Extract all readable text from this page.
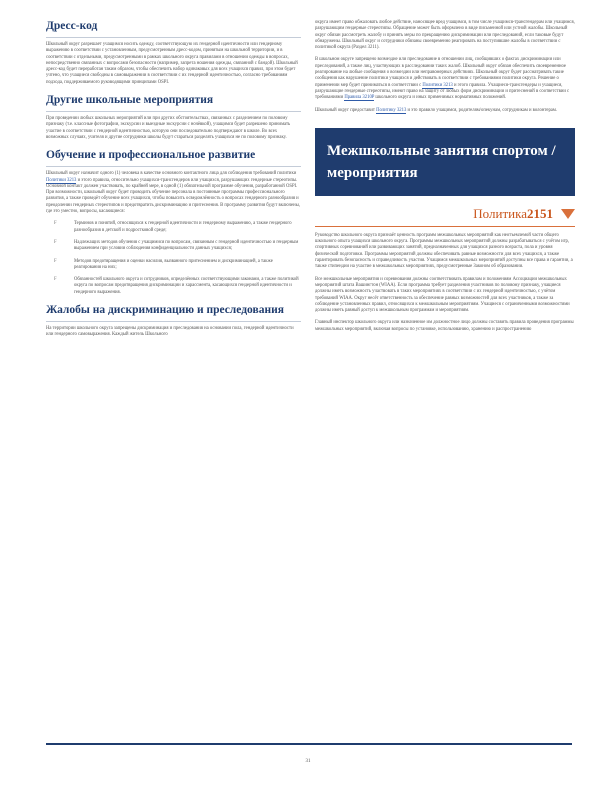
Дресс-код

Школьный округ разрешает учащимся носить одежду, соответствующую их гендерной идентичности или гендерному выражению в соответствии с установленным, предусмотренным дресс-кодом, принятым на школьной территории, и в соответствии с отдельными, предусмотренными в рамках школьного округа правилами в отношении одежды в вопросах, непосредственно связанных с вопросами безопасности (например, запрета ношения одежды, связанной с бандой). Школьный дресс-код будет переработан таким образом, чтобы обеспечить набор одинаковых для всех учащихся правил, при этом будет учтено, что учащиеся свободны в самовыражении в соответствии с их гендерной идентичностью, согласно требованиям подхода, поддерживаемого руководящими принципами OSPI.

Другие школьные мероприятия

При проведении любых школьных мероприятий или при других обстоятельствах, связанных с разделением по половому признаку (т.е. классные фотографии, экскурсии и выездные экскурсии с ночёвкой), учащимся будет разрешено принимать участие в соответствии с гендерной идентичностью, которую они последовательно подтверждают в школе. Во всех возможных случаях, учителя и другие сотрудники школы будут стараться разделять учащихся не по половому признаку.

Обучение и профессиональное развитие

Школьный округ назначит одного (1) человека в качестве основного контактного лица для соблюдения требований политики Политики 3213 и этого правила, относительно учащихся-трансгендеров или учащихся, разрушающих гендерные стереотипы. Основной контакт должен участвовать, по крайней мере, в одной (1) обязательной программе обучения, разработанной OSPI. При возможности, школьный округ будет проводить обучение персонала в постоянные программы профессионального развития, а также проведёт обучение всех учащихся, чтобы повысить осведомлённость о вопросах гендерного разнообразия и преодолении гендерных стереотипов и предотвратить дискриминацию и притеснения. В программу развития будут включены, где это уместно, вопросы, касающиеся:

F	Терминов и понятий, относящихся к гендерной идентичности и гендерному выражению, а также гендерного разнообразия в детской и подростковой среде;
F	Надлежащих методов обучения с учащимися по вопросам, связанным с гендерной идентичностью и гендерным выражением при условии соблюдения конфиденциальности данных учащихся;
F	Методов предотвращения и оценки насилия, вызванного притеснением и дискриминацией, а также реагирования на них;
F	Обязанностей школьного округа и сотрудников, определённых соответствующими законами, а также политикой округа по вопросам предотвращения дискриминации и харассмента, касающихся гендерной идентичности и гендерного выражения.
Жалобы на дискриминацию и преследования

На территории школьного округа запрещены дискриминация и преследования на основании пола, гендерной идентичности или гендерного самовыражения. Каждый житель Школьного

округа имеет право обжаловать любое действие, наносящее вред учащимся, в том числе учащимся-трансгендерам или учащимся, разрушающим гендерные стереотипы. Обращение может быть оформлено в виде письменной или устной жалобы. Школьный округ обязан рассмотреть жалобу и принять меры по прекращению дискриминации или преследований, если таковые будут обнаружены. Школьный округ и сотрудники обязаны своевременно реагировать на поступившие жалобы в соответствии с политикой округа (Раздел 3211).

В школьном округе запрещено возмездие или преследование в отношении лиц, сообщивших о фактах дискриминации или преследований, а также лиц, участвующих в расследовании таких жалоб. Школьный округ обязан обеспечить своевременное реагирование на любые сообщения о возмездии или неправомерных действиях. Школьный округ будет рассматривать такие сообщения как нарушение политики учащихся и действовать в соответствии с требованиями политики округа. Решение о применении мер будет приниматься в соответствии с Политики 3213 и этого правила. Учащиеся-трансгендеры и учащиеся, разрушающие гендерные стереотипы, имеют право на защиту от любых форм дискриминации и притеснений в соответствии с требованиями Правила 3210P школьного округа и иных применимых нормативных положений.

Школьный округ предоставит Политику 3213 и это правило учащимся, родителям/опекунам, сотрудникам и волонтерам.

Межшкольные занятия спортом / мероприятия
Политика2151

Руководство школьного округа признаёт ценность программ межшкольных мероприятий как неотъемлемой части общего школьного опыта учащихся школьного округа. Программы межшкольных мероприятий должны разрабатываться с учётом игр, спортивных соревнований или развивающих занятий, предназначенных для учащихся разного возраста, пола и уровня физической подготовки. Программы мероприятий должны обеспечивать равные возможности для всех учащихся, а также гарантировать безопасность и справедливость участия. Учащимся межшкольных мероприятий доступны все права и гарантии, а также стипендии на участие в межшкольных мероприятиях, предусмотренные Законом об образовании.

Все межшкольные мероприятия и соревнования должны соответствовать правилам и положениям Ассоциации межшкольных мероприятий штата Вашингтон (WIAA). Если программа требует разделения участников по половому признаку, учащиеся должны иметь возможность участвовать в таких мероприятиях в соответствии с их гендерной идентичностью, с учётом требований WIAA. Округ несёт ответственность за обеспечение равных возможностей для всех участников, а также за соблюдение установленных правил, относящихся к межшкольным мероприятиям. Учащиеся с ограниченными возможностями должны иметь равный доступ к межшкольным программам и мероприятиям.

Главный инспектор школьного округа или назначенное им должностное лицо должны составить правила проведения программы межшкольных мероприятий, включая вопросы по установке, использованию, хранению и распространению

31
